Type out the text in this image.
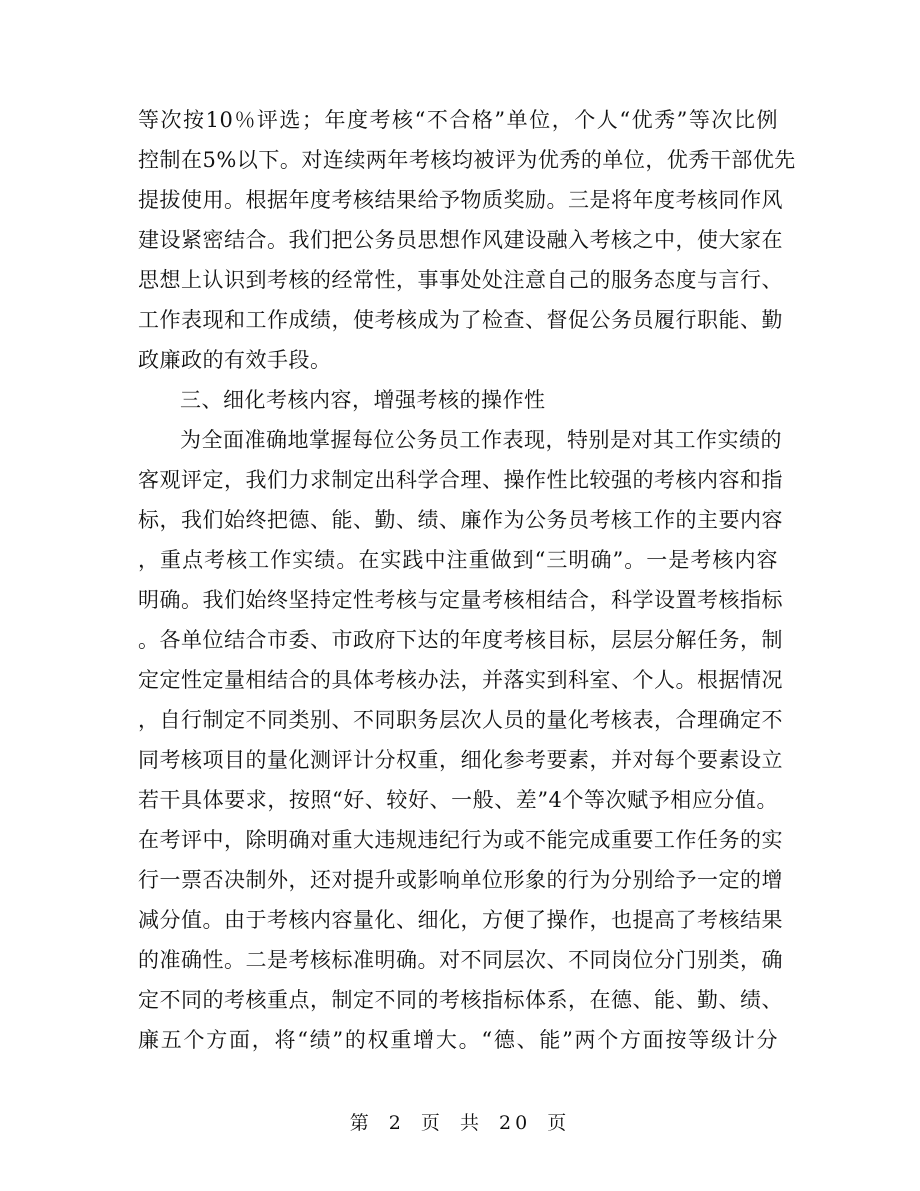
等次按10％评选；年度考核“不合格”单位，个人“优秀”等次比例
控制在5%以下。对连续两年考核均被评为优秀的单位，优秀干部优先
提拔使用。根据年度考核结果给予物质奖励。三是将年度考核同作风
建设紧密结合。我们把公务员思想作风建设融入考核之中，使大家在
思想上认识到考核的经常性，事事处处注意自己的服务态度与言行、
工作表现和工作成绩，使考核成为了检查、督促公务员履行职能、勤
政廉政的有效手段。
三、细化考核内容，增强考核的操作性
为全面准确地掌握每位公务员工作表现，特别是对其工作实绩的
客观评定，我们力求制定出科学合理、操作性比较强的考核内容和指
标，我们始终把德、能、勤、绩、廉作为公务员考核工作的主要内容
，重点考核工作实绩。在实践中注重做到“三明确”。一是考核内容
明确。我们始终坚持定性考核与定量考核相结合，科学设置考核指标
。各单位结合市委、市政府下达的年度考核目标，层层分解任务，制
定定性定量相结合的具体考核办法，并落实到科室、个人。根据情况
，自行制定不同类别、不同职务层次人员的量化考核表，合理确定不
同考核项目的量化测评计分权重，细化参考要素，并对每个要素设立
若干具体要求，按照“好、较好、一般、差”4个等次赋予相应分值。
在考评中，除明确对重大违规违纪行为或不能完成重要工作任务的实
行一票否决制外，还对提升或影响单位形象的行为分别给予一定的增
减分值。由于考核内容量化、细化，方便了操作，也提高了考核结果
的准确性。二是考核标准明确。对不同层次、不同岗位分门别类，确
定不同的考核重点，制定不同的考核指标体系，在德、能、勤、绩、
廉五个方面，将“绩”的权重增大。“德、能”两个方面按等级计分
第 2 页 共 20 页
